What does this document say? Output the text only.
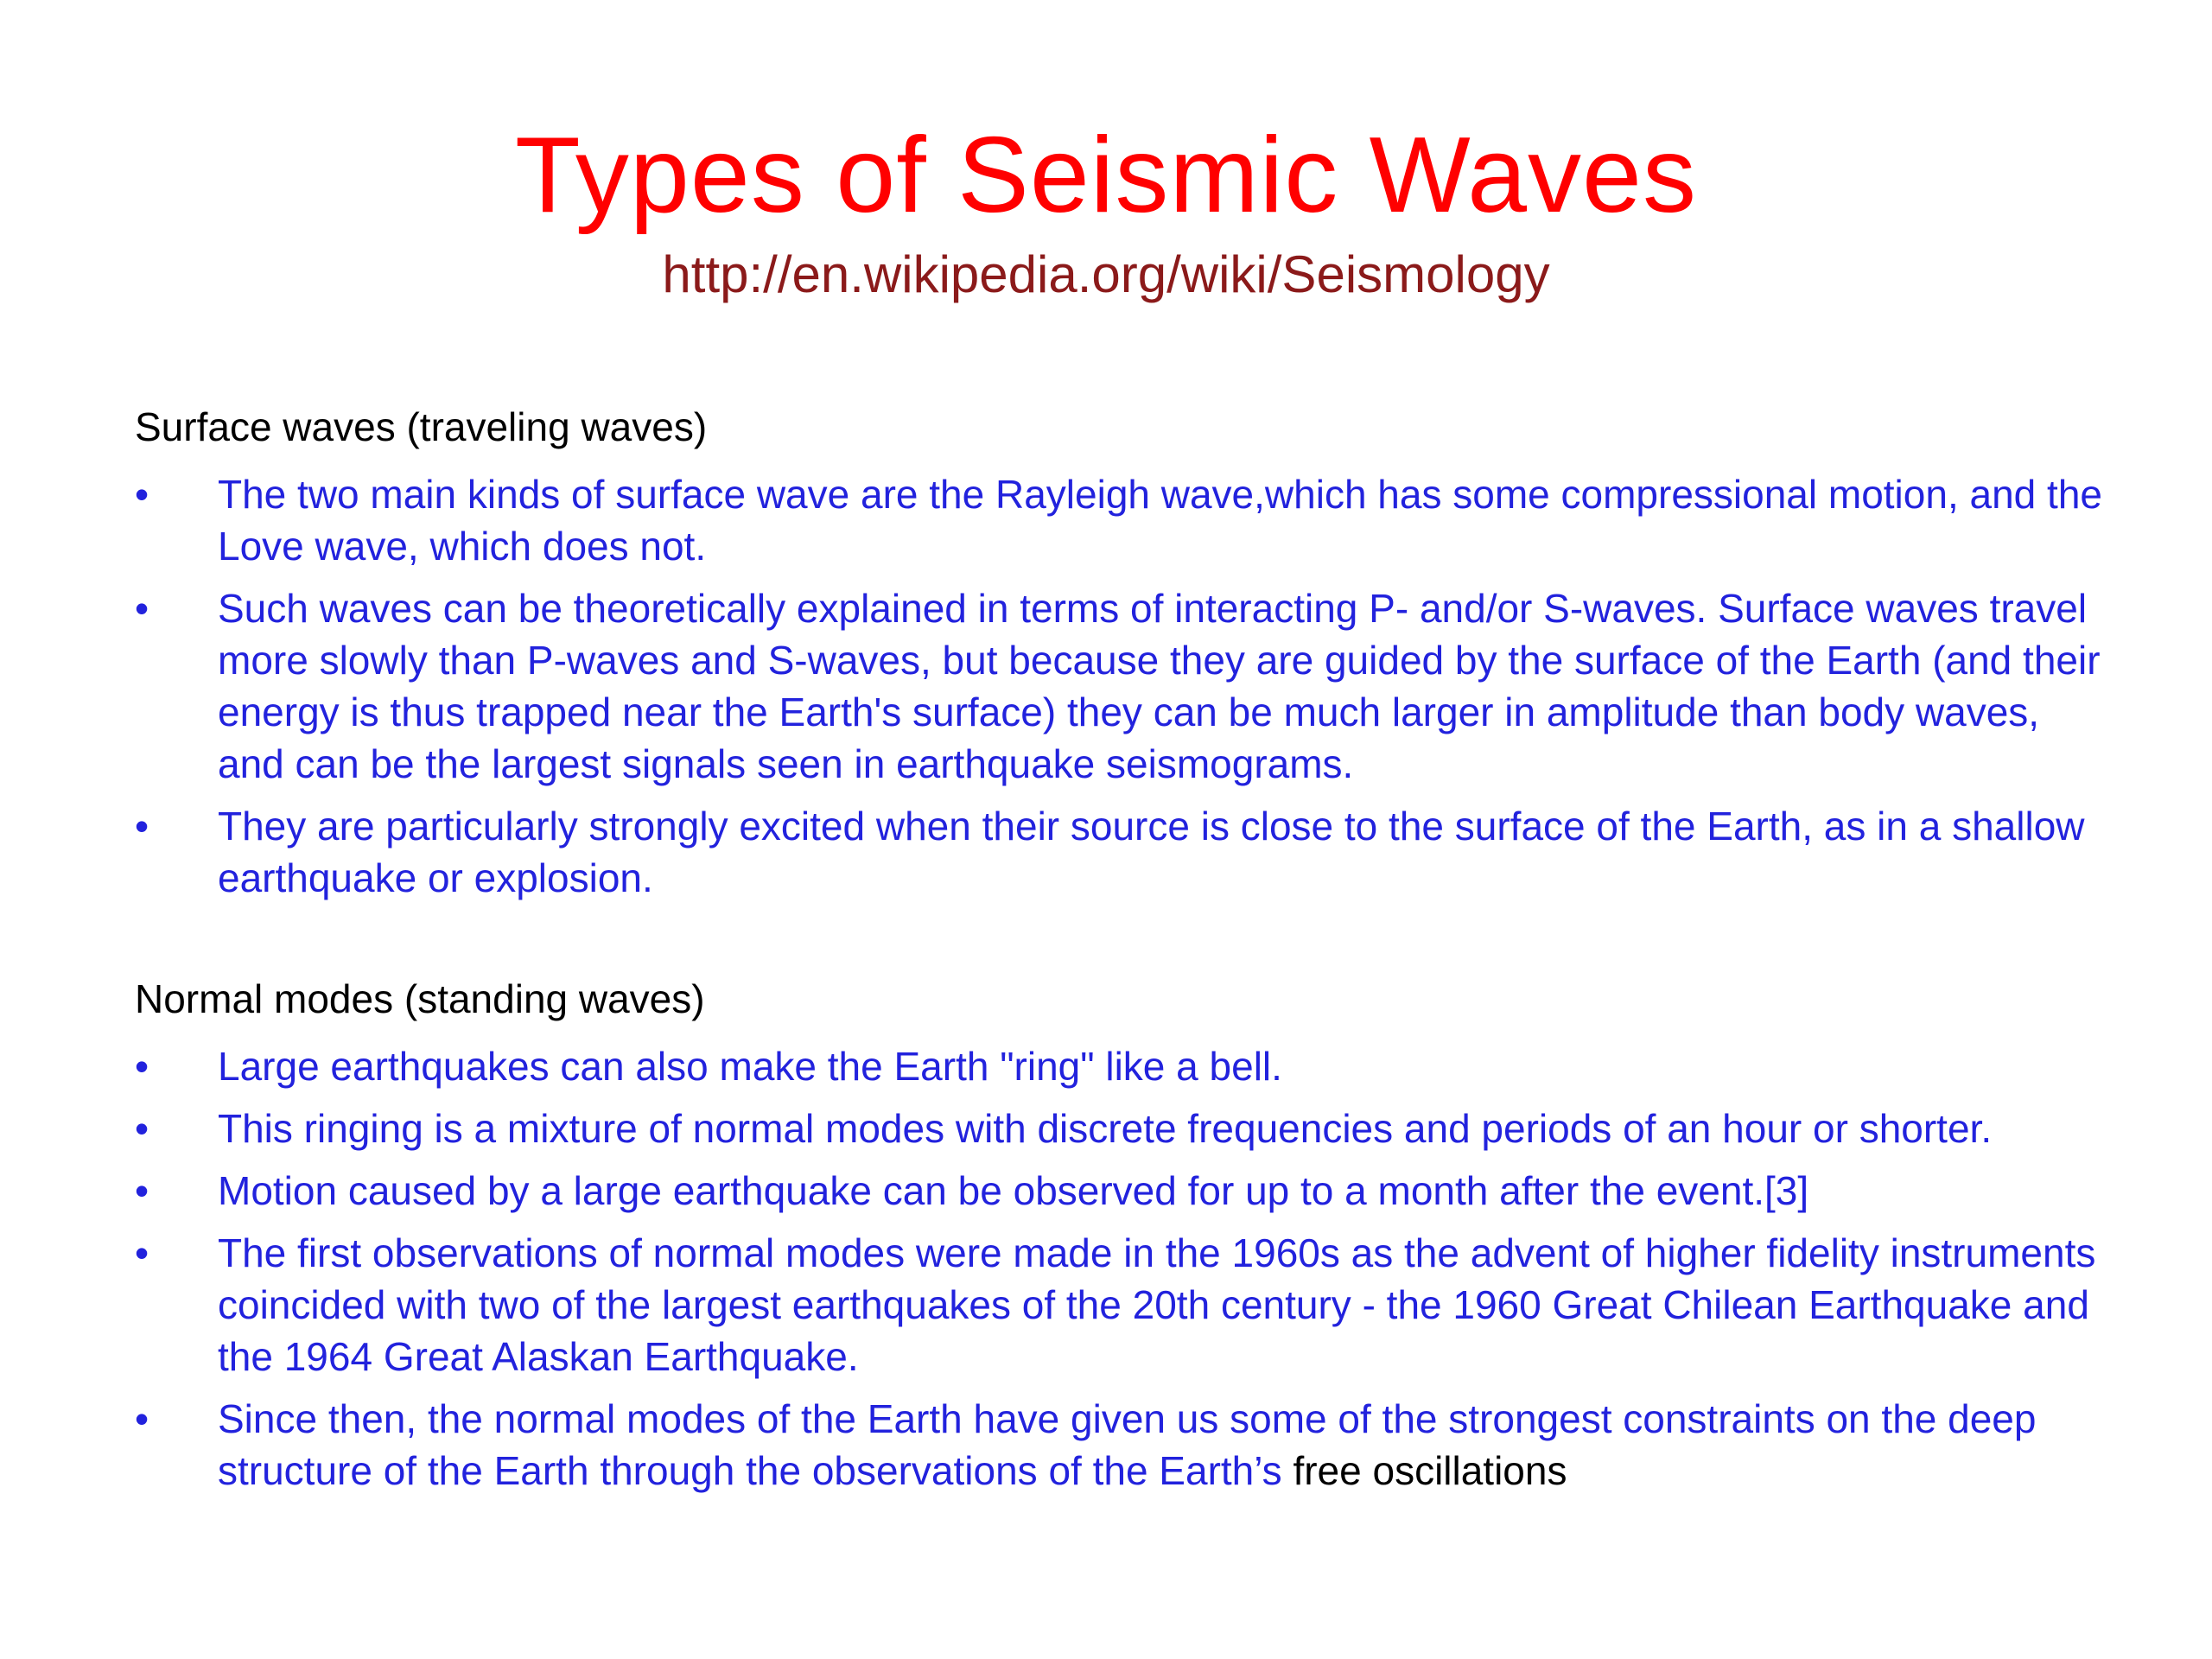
Types of Seismic Waves
http://en.wikipedia.org/wiki/Seismology
Surface waves (traveling waves)
• The two main kinds of surface wave are the Rayleigh wave,which has some compressional motion, and the Love wave, which does not.
• Such waves can be theoretically explained in terms of interacting P- and/or S-waves. Surface waves travel more slowly than P-waves and S-waves, but because they are guided by the surface of the Earth (and their energy is thus trapped near the Earth's surface) they can be much larger in amplitude than body waves, and can be the largest signals seen in earthquake seismograms.
• They are particularly strongly excited when their source is close to the surface of the Earth, as in a shallow earthquake or explosion.
Normal modes (standing waves)
• Large earthquakes can also make the Earth "ring" like a bell.
• This ringing is a mixture of normal modes with discrete frequencies and periods of an hour or shorter.
• Motion caused by a large earthquake can be observed for up to a month after the event.[3]
• The first observations of normal modes were made in the 1960s as the advent of higher fidelity instruments coincided with two of the largest earthquakes of the 20th century - the 1960 Great Chilean Earthquake and the 1964 Great Alaskan Earthquake.
• Since then, the normal modes of the Earth have given us some of the strongest constraints on the deep structure of the Earth through the observations of the Earth’s free oscillations
